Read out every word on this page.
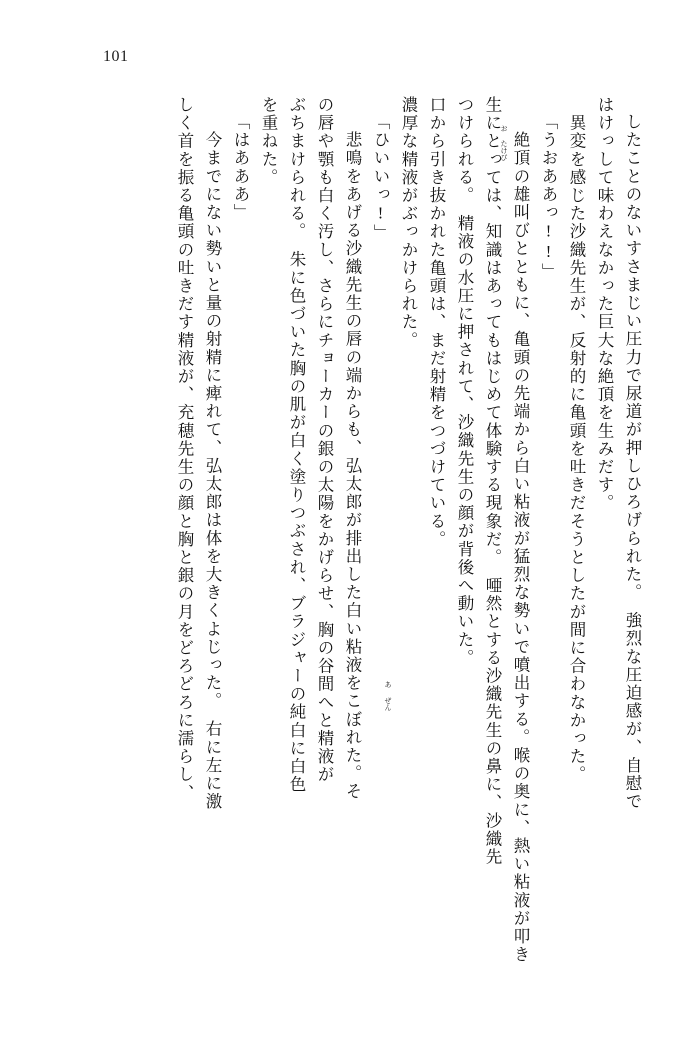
101
したことのないすさまじい圧力で尿道が押しひろげられた。　強烈な圧迫感が、自慰で
はけっして味わえなかった巨大な絶頂を生みだす。
　異変を感じた沙織先生が、反射的に亀頭を吐きだそうとしたが間に合わなかった。
「うおああっ!!」
　絶頂の雄叫びとともに、亀頭の先端から白い粘液が猛烈な勢いで噴出する。喉の奥に、熱い粘液が叩き
生にとっては、知識はあってもはじめて体験する現象だ。　唖然とする沙織先生の鼻に、沙織先
つけられる。　精液の水圧に押されて、沙織先生の顔が背後へ動いた。
口から引き抜かれた亀頭は、まだ射精をつづけている。
濃厚な精液がぶっかけられた。
「ひいいっ!」
　悲鳴をあげる沙織先生の唇の端からも、弘太郎が排出した白い粘液をこぼれた。そ
の唇や顎も白く汚し、さらにチョーカーの銀の太陽をかげらせ、胸の谷間へと精液が
ぶちまけられる。　朱に色づいた胸の肌が白く塗りつぶされ、ブラジャーの純白に白色
を重ねた。
「はあああ」
　今までにない勢いと量の射精に痺れて、弘太郎は体を大きくよじった。　右に左に激
しく首を振る亀頭の吐きだす精液が、充穂先生の顔と胸と銀の月をどろどろに濡らし、	お
たけび
あ
ぜん
